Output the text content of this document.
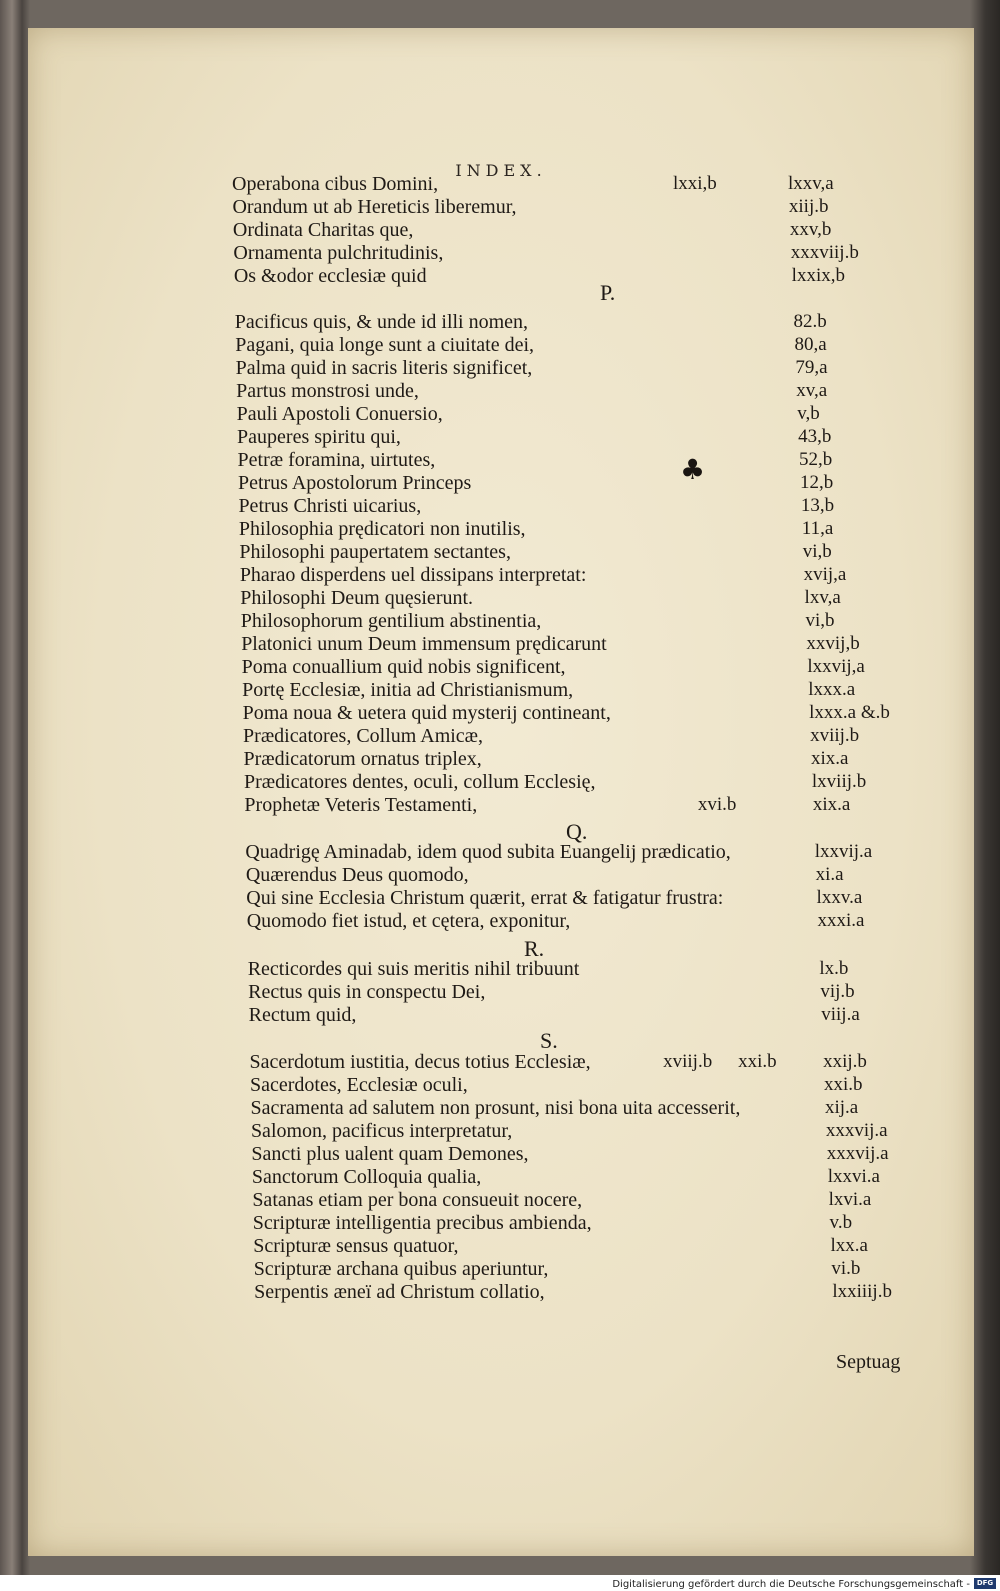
INDEX.
Operabona cibus Domini,	lxxi,b	lxxv,a
Orandum ut ab Hereticis liberemur,	xiij.b
Ordinata Charitas que,	xxv,b
Ornamenta pulchritudinis,	xxxviij.b
Os &odor ecclesiæ quid	lxxix,b
P.
Pacificus quis, & unde id illi nomen,	82.b
Pagani, quia longe sunt a ciuitate dei,	80,a
Palma quid in sacris literis significet,	79,a
Partus monstrosi unde,	xv,a
Pauli Apostoli Conuersio,	v,b
Pauperes spiritu qui,	43,b
Petræ foramina, uirtutes,	52,b
Petrus Apostolorum Princeps	12,b
Petrus Christi uicarius,	13,b
Philosophia prędicatori non inutilis,	11,a
Philosophi paupertatem sectantes,	vi,b
Pharao disperdens uel dissipans interpretat:	xvij,a
Philosophi Deum quęsierunt.	lxv,a
Philosophorum gentilium abstinentia,	vi,b
Platonici unum Deum immensum prędicarunt	xxvij,b
Poma conuallium quid nobis significent,	lxxvij,a
Portę Ecclesiæ, initia ad Christianismum,	lxxx.a
Poma noua & uetera quid mysterij contineant,	lxxx.a &.b
Prædicatores, Collum Amicæ,	xviij.b
Prædicatorum ornatus triplex,	xix.a
Prædicatores dentes, oculi, collum Ecclesię,	lxviij.b
Prophetæ Veteris Testamenti,	xvi.b	xix.a
Q.
Quadrigę Aminadab, idem quod subita Euangelij prædicatio,	lxxvij.a
Quærendus Deus quomodo,	xi.a
Qui sine Ecclesia Christum quærit, errat & fatigatur frustra:	lxxv.a
Quomodo fiet istud, et cętera, exponitur,	xxxi.a
R.
Recticordes qui suis meritis nihil tribuunt	lx.b
Rectus quis in conspectu Dei,	vij.b
Rectum quid,	viij.a
S.
Sacerdotum iustitia, decus totius Ecclesiæ,	xviij.b xxi.b xxij.b
Sacerdotes, Ecclesiæ oculi,	xxi.b
Sacramenta ad salutem non prosunt, nisi bona uita accesserit,	xij.a
Salomon, pacificus interpretatur,	xxxvij.a
Sancti plus ualent quam Demones,	xxxvij.a
Sanctorum Colloquia qualia,	lxxvi.a
Satanas etiam per bona consueuit nocere,	lxvi.a
Scripturæ intelligentia precibus ambienda,	v.b
Scripturæ sensus quatuor,	lxx.a
Scripturæ archana quibus aperiuntur,	vi.b
Serpentis æneï ad Christum collatio,	lxxiiij.b
♣
Septuag
Digitalisierung gefördert durch die Deutsche Forschungsgemeinschaft - DFG
